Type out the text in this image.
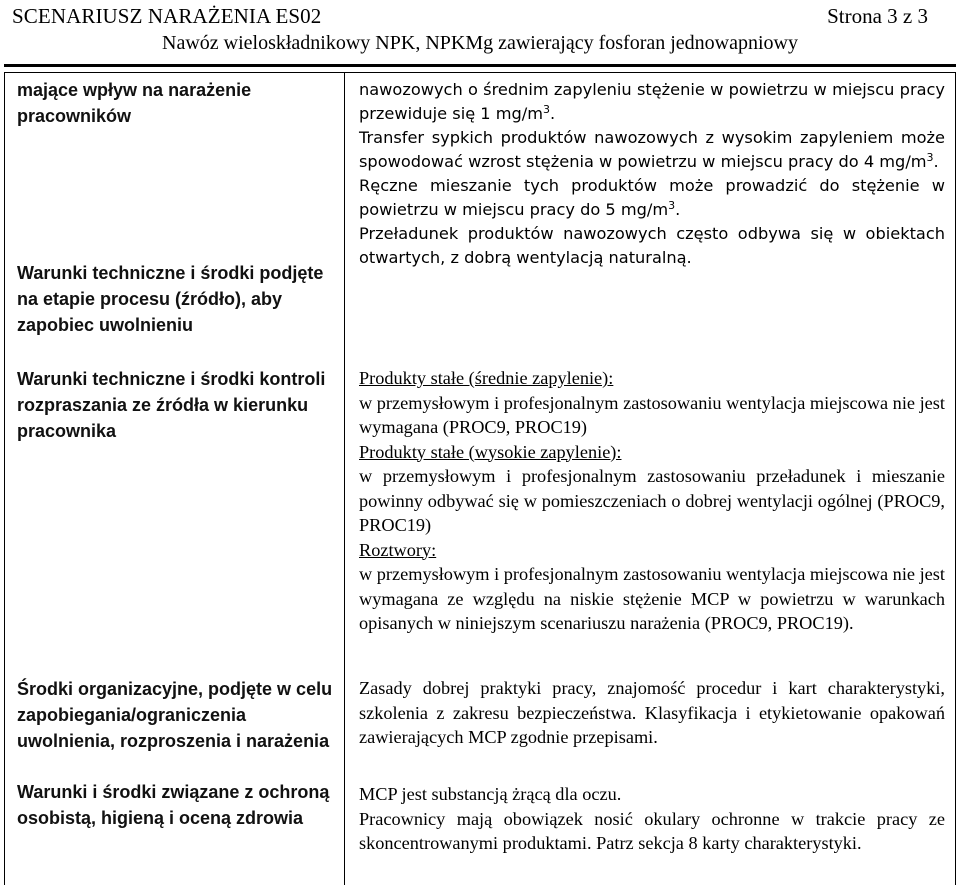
SCENARIUSZ NARAŻENIA ES02	Strona 3 z 3
Nawóz wieloskładnikowy NPK, NPKMg zawierający fosforan jednowapniowy
mające wpływ na narażenie pracowników
Warunki techniczne i środki podjęte na etapie procesu (źródło), aby zapobiec uwolnieniu
Warunki techniczne i środki kontroli rozpraszania ze źródła w kierunku pracownika
Środki organizacyjne, podjęte w celu zapobiegania/ograniczenia uwolnienia, rozproszenia i narażenia
Warunki i środki związane z ochroną osobistą, higieną i oceną zdrowia

nawozowych o średnim zapyleniu stężenie w powietrzu w miejscu pracy przewiduje się 1 $mg/m^3$.

Transfer sypkich produktów nawozowych z wysokim zapyleniem może spowodować wzrost stężenia w powietrzu w miejscu pracy do 4 $mg/m^3$.

Ręczne mieszanie tych produktów może prowadzić do stężenie w powietrzu w miejscu pracy do 5 $mg/m^3$.

Przeładunek produktów nawozowych często odbywa się w obiektach otwartych, z dobrą wentylacją naturalną.

Produkty stałe (średnie zapylenie):

w przemysłowym i profesjonalnym zastosowaniu wentylacja miejscowa nie jest wymagana (PROC9, PROC19)

Produkty stałe (wysokie zapylenie):

w przemysłowym i profesjonalnym zastosowaniu przeładunek i mieszanie powinny odbywać się w pomieszczeniach o dobrej wentylacji ogólnej (PROC9, PROC19)

Roztwory:

w przemysłowym i profesjonalnym zastosowaniu wentylacja miejscowa nie jest wymagana ze względu na niskie stężenie MCP w powietrzu w warunkach opisanych w niniejszym scenariuszu narażenia (PROC9, PROC19).

Zasady dobrej praktyki pracy, znajomość procedur i kart charakterystyki, szkolenia z zakresu bezpieczeństwa. Klasyfikacja i etykietowanie opakowań zawierających MCP zgodnie przepisami.

MCP jest substancją żrącą dla oczu.

Pracownicy mają obowiązek nosić okulary ochronne w trakcie pracy ze skoncentrowanymi produktami. Patrz sekcja 8 karty charakterystyki.
